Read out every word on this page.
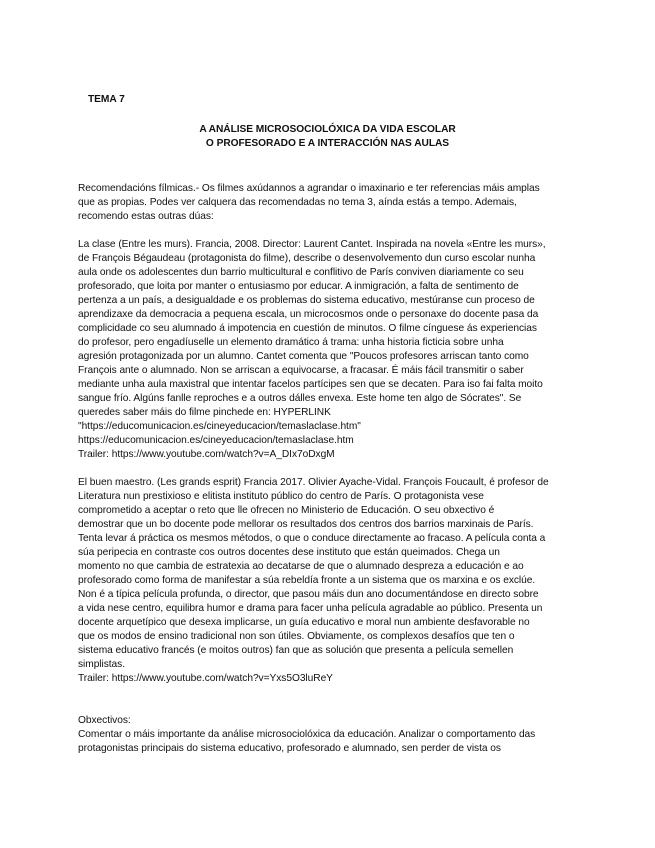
TEMA 7
A ANÁLISE MICROSOCIOLÓXICA DA VIDA ESCOLAR
O PROFESORADO E A INTERACCIÓN NAS AULAS
Recomendacións fílmicas.- Os filmes axúdannos a agrandar o imaxinario e ter referencias máis amplas
que as propias. Podes ver calquera das recomendadas no tema 3, aínda estás a tempo. Ademais,
recomendo estas outras dúas:
La clase (Entre les murs). Francia, 2008. Director: Laurent Cantet. Inspirada na novela «Entre les murs»,
de François Bégaudeau (protagonista do filme), describe o desenvolvemento dun curso escolar nunha
aula onde os adolescentes dun barrio multicultural e conflitivo de París conviven diariamente co seu
profesorado, que loita por manter o entusiasmo por educar. A inmigración, a falta de sentimento de
pertenza a un país, a desigualdade e os problemas do sistema educativo, mestúranse cun proceso de
aprendizaxe da democracia a pequena escala, un microcosmos onde o personaxe do docente pasa da
complicidade co seu alumnado á impotencia en cuestión de minutos. O filme cínguese ás experiencias
do profesor, pero engadíuselle un elemento dramático á trama: unha historia ficticia sobre unha
agresión protagonizada por un alumno. Cantet comenta que "Poucos profesores arriscan tanto como
François ante o alumnado. Non se arriscan a equivocarse, a fracasar. É máis fácil transmitir o saber
mediante unha aula maxistral que intentar facelos partícipes sen que se decaten. Para iso fai falta moito
sangue frío. Algúns fanlle reproches e a outros dálles envexa. Este home ten algo de Sócrates". Se
queredes saber máis do filme pinchede en: HYPERLINK
"https://educomunicacion.es/cineyeducacion/temaslaclase.htm"
https://educomunicacion.es/cineyeducacion/temaslaclase.htm
Trailer: https://www.youtube.com/watch?v=A_DIx7oDxgM
El buen maestro. (Les grands esprit) Francia 2017. Olivier Ayache-Vidal. François Foucault, é profesor de
Literatura nun prestixioso e elitista instituto público do centro de París. O protagonista vese
comprometido a aceptar o reto que lle ofrecen no Ministerio de Educación. O seu obxectivo é
demostrar que un bo docente pode mellorar os resultados dos centros dos barrios marxinais de París.
Tenta levar á práctica os mesmos métodos, o que o conduce directamente ao fracaso. A película conta a
súa peripecia en contraste cos outros docentes dese instituto que están queimados. Chega un
momento no que cambia de estratexia ao decatarse de que o alumnado despreza a educación e ao
profesorado como forma de manifestar a súa rebeldía fronte a un sistema que os marxina e os exclúe.
Non é a típica película profunda, o director, que pasou máis dun ano documentándose en directo sobre
a vida nese centro, equilibra humor e drama para facer unha película agradable ao público. Presenta un
docente arquetípico que desexa implicarse, un guía educativo e moral nun ambiente desfavorable no
que os modos de ensino tradicional non son útiles. Obviamente, os complexos desafíos que ten o
sistema educativo francés (e moitos outros) fan que as solución que presenta a película semellen
simplistas.
Trailer: https://www.youtube.com/watch?v=Yxs5O3luReY
Obxectivos:
Comentar o máis importante da análise microsociolóxica da educación. Analizar o comportamento das
protagonistas principais do sistema educativo, profesorado e alumnado, sen perder de vista os
